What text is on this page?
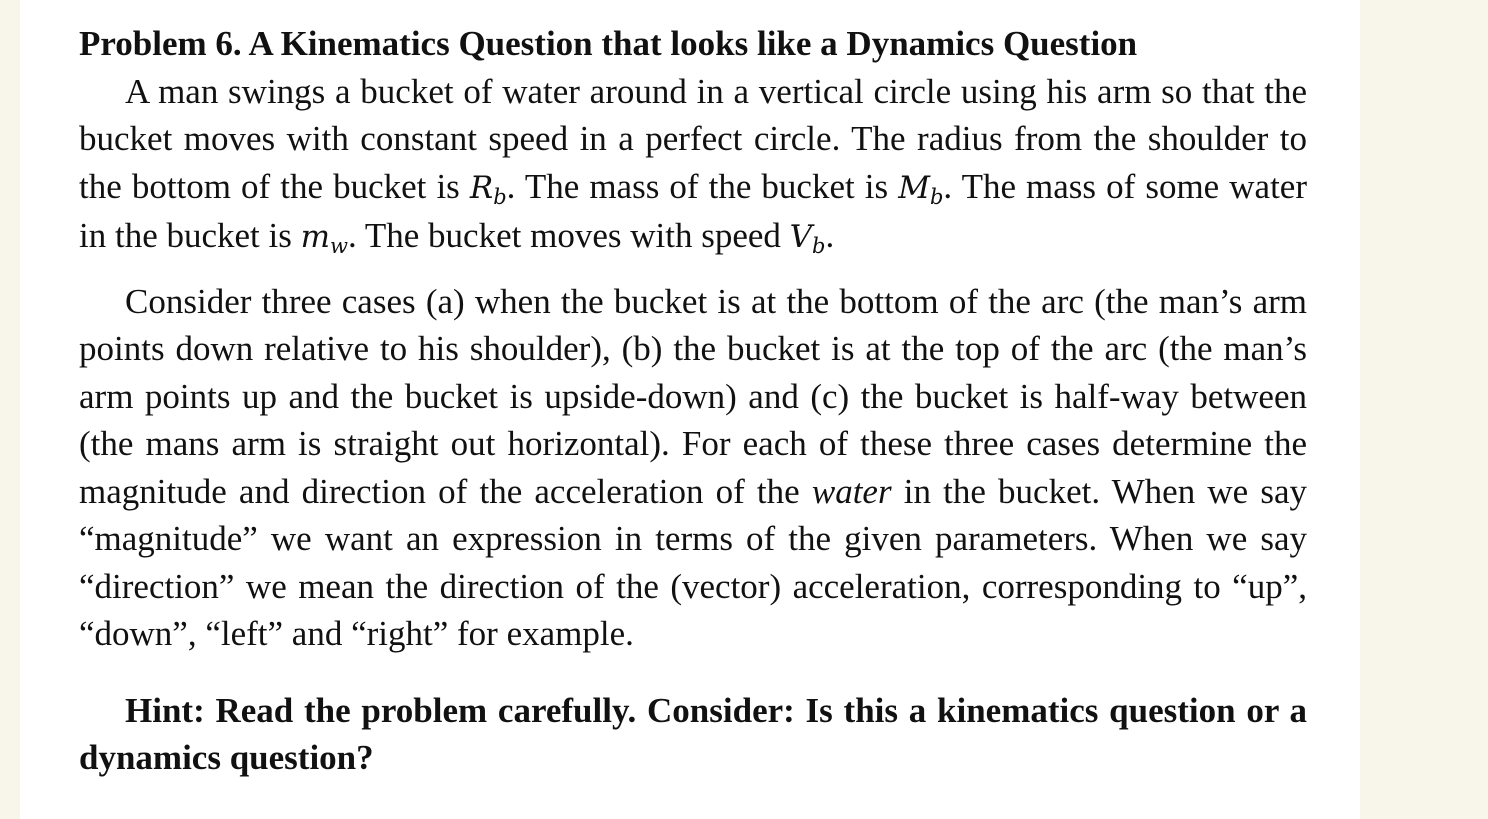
Problem 6. A Kinematics Question that looks like a Dynamics Question

A man swings a bucket of water around in a vertical circle using his arm so that the bucket moves with constant speed in a perfect circle. The radius from the shoulder to the bottom of the bucket is $R_b$. The mass of the bucket is $M_b$. The mass of some water in the bucket is $m_w$. The bucket moves with speed $V_b$.

Consider three cases (a) when the bucket is at the bottom of the arc (the man’s arm points down relative to his shoulder), (b) the bucket is at the top of the arc (the man’s arm points up and the bucket is upside-down) and (c) the bucket is half-way between (the mans arm is straight out horizontal). For each of these three cases determine the magnitude and direction of the acceleration of the water in the bucket. When we say “magnitude” we want an expression in terms of the given parameters. When we say “direction” we mean the direction of the (vector) acceleration, corresponding to “up”, “down”, “left” and “right” for example.

Hint: Read the problem carefully. Consider: Is this a kinematics question or a dynamics question?
